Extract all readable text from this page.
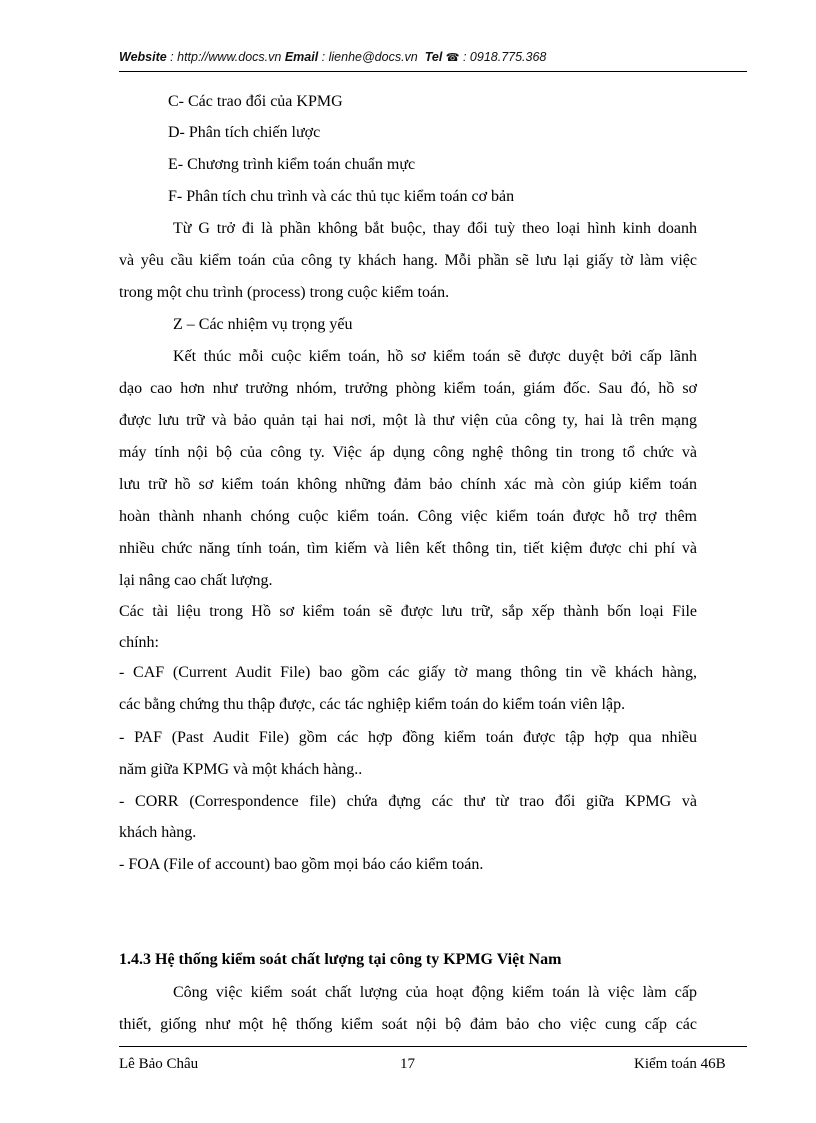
Website : http://www.docs.vn Email : lienhe@docs.vn Tel ☎ : 0918.775.368
C- Các trao đổi của KPMG
D- Phân tích chiến lược
E- Chương trình kiểm toán chuẩn mực
F- Phân tích chu trình và các thủ tục kiểm toán cơ bản
Từ G trở đi là phần không bắt buộc, thay đổi tuỳ theo loại hình kinh doanh
và yêu cầu kiểm toán của công ty khách hang. Mỗi phần sẽ lưu lại giấy tờ làm việc
trong một chu trình (process) trong cuộc kiểm toán.
Z – Các nhiệm vụ trọng yếu
Kết thúc mỗi cuộc kiểm toán, hồ sơ kiểm toán sẽ được duyệt bởi cấp lãnh
dạo cao hơn như trưởng nhóm, trưởng phòng kiểm toán, giám đốc. Sau đó, hồ sơ
được lưu trữ và bảo quản tại hai nơi, một là thư viện của công ty, hai là trên mạng
máy tính nội bộ của công ty. Việc áp dụng công nghệ thông tin trong tổ chức và
lưu trữ hồ sơ kiểm toán không những đảm bảo chính xác mà còn giúp kiểm toán
hoàn thành nhanh chóng cuộc kiểm toán. Công việc kiểm toán được hỗ trợ thêm
nhiều chức năng tính toán, tìm kiếm và liên kết thông tin, tiết kiệm được chi phí và
lại nâng cao chất lượng.
Các tài liệu trong Hồ sơ kiểm toán sẽ được lưu trữ, sắp xếp thành bốn loại File
chính:
- CAF (Current Audit File) bao gồm các giấy tờ mang thông tin về khách hàng,
các bằng chứng thu thập được, các tác nghiệp kiểm toán do kiểm toán viên lập.
- PAF (Past Audit File) gồm các hợp đồng kiểm toán được tập hợp qua nhiều
năm giữa KPMG và một khách hàng..
- CORR (Correspondence file) chứa đựng các thư từ trao đổi giữa KPMG và
khách hàng.
- FOA (File of account) bao gồm mọi báo cáo kiểm toán.
1.4.3 Hệ thống kiểm soát chất lượng tại công ty KPMG Việt Nam
Công việc kiểm soát chất lượng của hoạt động kiểm toán là việc làm cấp
thiết, giống như một hệ thống kiểm soát nội bộ đảm bảo cho việc cung cấp các
Lê Bảo Châu	17	Kiểm toán 46B
